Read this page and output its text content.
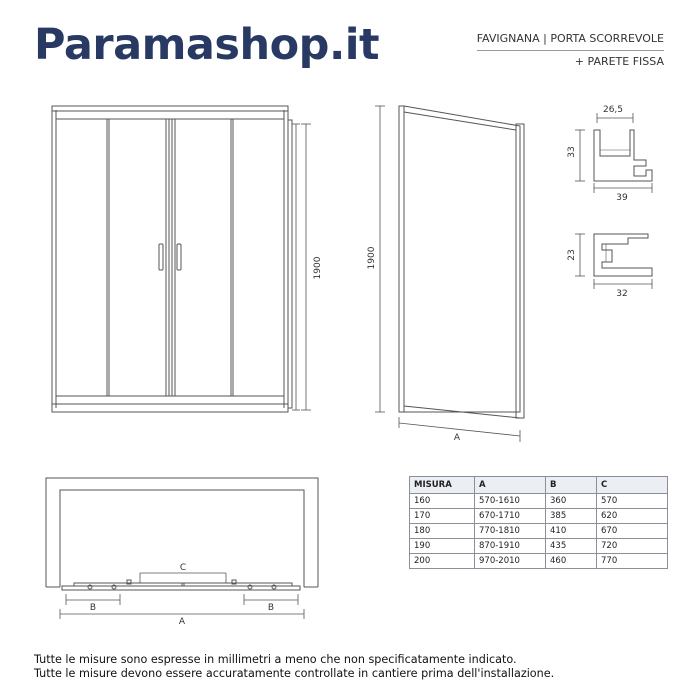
Paramashop.it	FAVIGNANA | PORTA SCORREVOLE
+ PARETE FISSA
1900	1900
A
26,5
33
39
23
32
C
B	B
A
MISURA	A	B	C
160	570-1610	360	570
170	670-1710	385	620
180	770-1810	410	670
190	870-1910	435	720
200	970-2010	460	770
Tutte le misure sono espresse in millimetri a meno che non specificatamente indicato.
Tutte le misure devono essere accuratamente controllate in cantiere prima dell'installazione.
